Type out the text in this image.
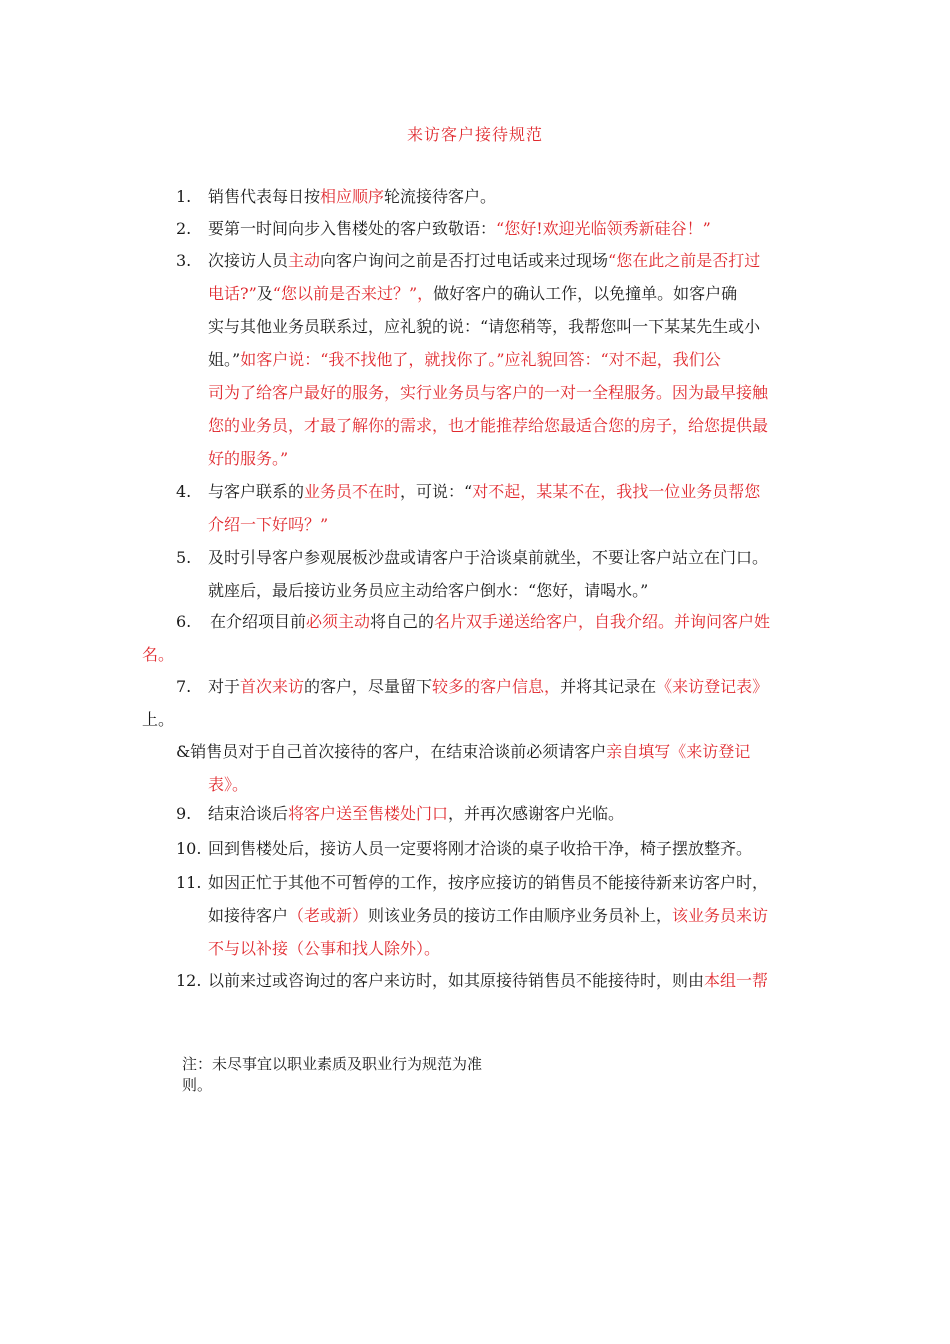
来访客户接待规范
1. 销售代表每日按相应顺序轮流接待客户。
2. 要第一时间向步入售楼处的客户致敬语：“您好!欢迎光临领秀新硅谷！”
3. 次接访人员主动向客户询问之前是否打过电话或来过现场“您在此之前是否打过
电话?”及“您以前是否来过？”，做好客户的确认工作，以免撞单。如客户确
实与其他业务员联系过，应礼貌的说：“请您稍等，我帮您叫一下某某先生或小
姐。”如客户说：“我不找他了，就找你了。”应礼貌回答：“对不起，我们公
司为了给客户最好的服务，实行业务员与客户的一对一全程服务。因为最早接触
您的业务员，才最了解你的需求，也才能推荐给您最适合您的房子，给您提供最
好的服务。”
4. 与客户联系的业务员不在时，可说：“对不起，某某不在，我找一位业务员帮您
介绍一下好吗？”
5. 及时引导客户参观展板沙盘或请客户于洽谈桌前就坐，不要让客户站立在门口。
就座后，最后接访业务员应主动给客户倒水：“您好，请喝水。”
6. 在介绍项目前必须主动将自己的名片双手递送给客户，自我介绍。并询问客户姓
名。
7. 对于首次来访的客户，尽量留下较多的客户信息，并将其记录在《来访登记表》
上。
&销售员对于自己首次接待的客户，在结束洽谈前必须请客户亲自填写《来访登记
表》。
9. 结束洽谈后将客户送至售楼处门口，并再次感谢客户光临。
10. 回到售楼处后，接访人员一定要将刚才洽谈的桌子收拾干净，椅子摆放整齐。
11. 如因正忙于其他不可暂停的工作，按序应接访的销售员不能接待新来访客户时，
如接待客户（老或新）则该业务员的接访工作由顺序业务员补上，该业务员来访
不与以补接（公事和找人除外）。
12. 以前来过或咨询过的客户来访时，如其原接待销售员不能接待时，则由本组一帮
注：未尽事宜以职业素质及职业行为规范为准
则。
